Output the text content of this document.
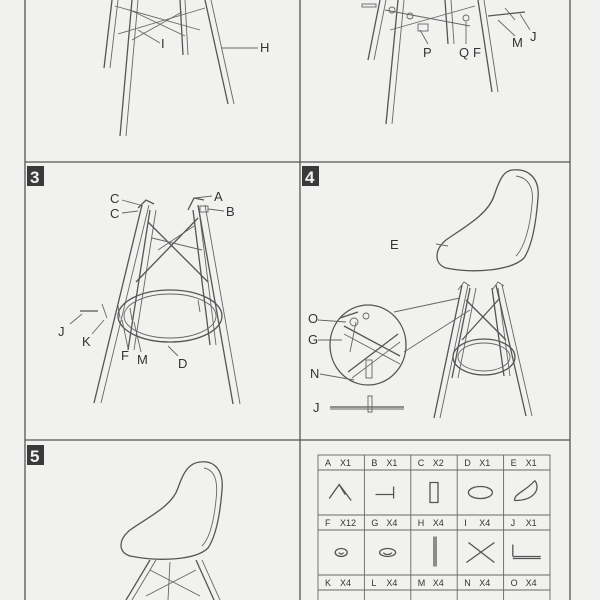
I	H	P Q F
M J
3
C
C
A
B
J
K
F M D
4
E
O
G
N
J
5	A X1 B X1 C X2 D X1 E X1
F X12 G X4 H X4 I X4 J X1
K X4 L X4 M X4 N X4 O X4
